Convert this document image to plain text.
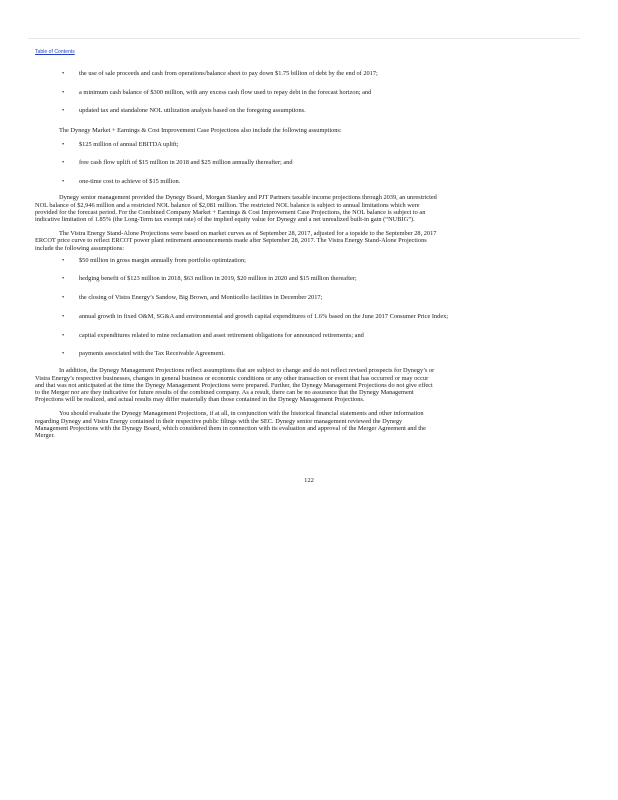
Table of Contents
• the use of sale proceeds and cash from operations/balance sheet to pay down $1.75 billion of debt by the end of 2017;
• a minimum cash balance of $300 million, with any excess cash flow used to repay debt in the forecast horizon; and
• updated tax and standalone NOL utilization analysis based on the foregoing assumptions.

The Dynegy Market + Earnings & Cost Improvement Case Projections also include the following assumptions:

• $125 million of annual EBITDA uplift;
• free cash flow uplift of $15 million in 2018 and $25 million annually thereafter; and
• one-time cost to achieve of $15 million.
Dynegy senior management provided the Dynegy Board, Morgan Stanley and PJT Partners taxable income projections through 2039, an unrestricted
NOL balance of $2,946 million and a restricted NOL balance of $2,081 million. The restricted NOL balance is subject to annual limitations which were
provided for the forecast period. For the Combined Company Market + Earnings & Cost Improvement Case Projections, the NOL balance is subject to an
indicative limitation of 1.85% (the Long-Term tax exempt rate) of the implied equity value for Dynegy and a net unrealized built-in gain (“NUBIG”).
The Vistra Energy Stand-Alone Projections were based on market curves as of September 28, 2017, adjusted for a topside to the September 28, 2017
ERCOT price curve to reflect ERCOT power plant retirement announcements made after September 28, 2017. The Vistra Energy Stand-Alone Projections
include the following assumptions:
• $50 million in gross margin annually from portfolio optimization;
• hedging benefit of $123 million in 2018, $63 million in 2019, $20 million in 2020 and $15 million thereafter;
• the closing of Vistra Energy’s Sandow, Big Brown, and Monticello facilities in December 2017;
• annual growth in fixed O&M, SG&A and environmental and growth capital expenditures of 1.6% based on the June 2017 Consumer Price Index;
• capital expenditures related to mine reclamation and asset retirement obligations for announced retirements; and
• payments associated with the Tax Receivable Agreement.
In addition, the Dynegy Management Projections reflect assumptions that are subject to change and do not reflect revised prospects for Dynegy’s or
Vistra Energy’s respective businesses, changes in general business or economic conditions or any other transaction or event that has occurred or may occur
and that was not anticipated at the time the Dynegy Management Projections were prepared. Further, the Dynegy Management Projections do not give effect
to the Merger nor are they indicative for future results of the combined company. As a result, there can be no assurance that the Dynegy Management
Projections will be realized, and actual results may differ materially than those contained in the Dynegy Management Projections.
You should evaluate the Dynegy Management Projections, if at all, in conjunction with the historical financial statements and other information
regarding Dynegy and Vistra Energy contained in their respective public filings with the SEC. Dynegy senior management reviewed the Dynegy
Management Projections with the Dynegy Board, which considered them in connection with its evaluation and approval of the Merger Agreement and the
Merger.
122
